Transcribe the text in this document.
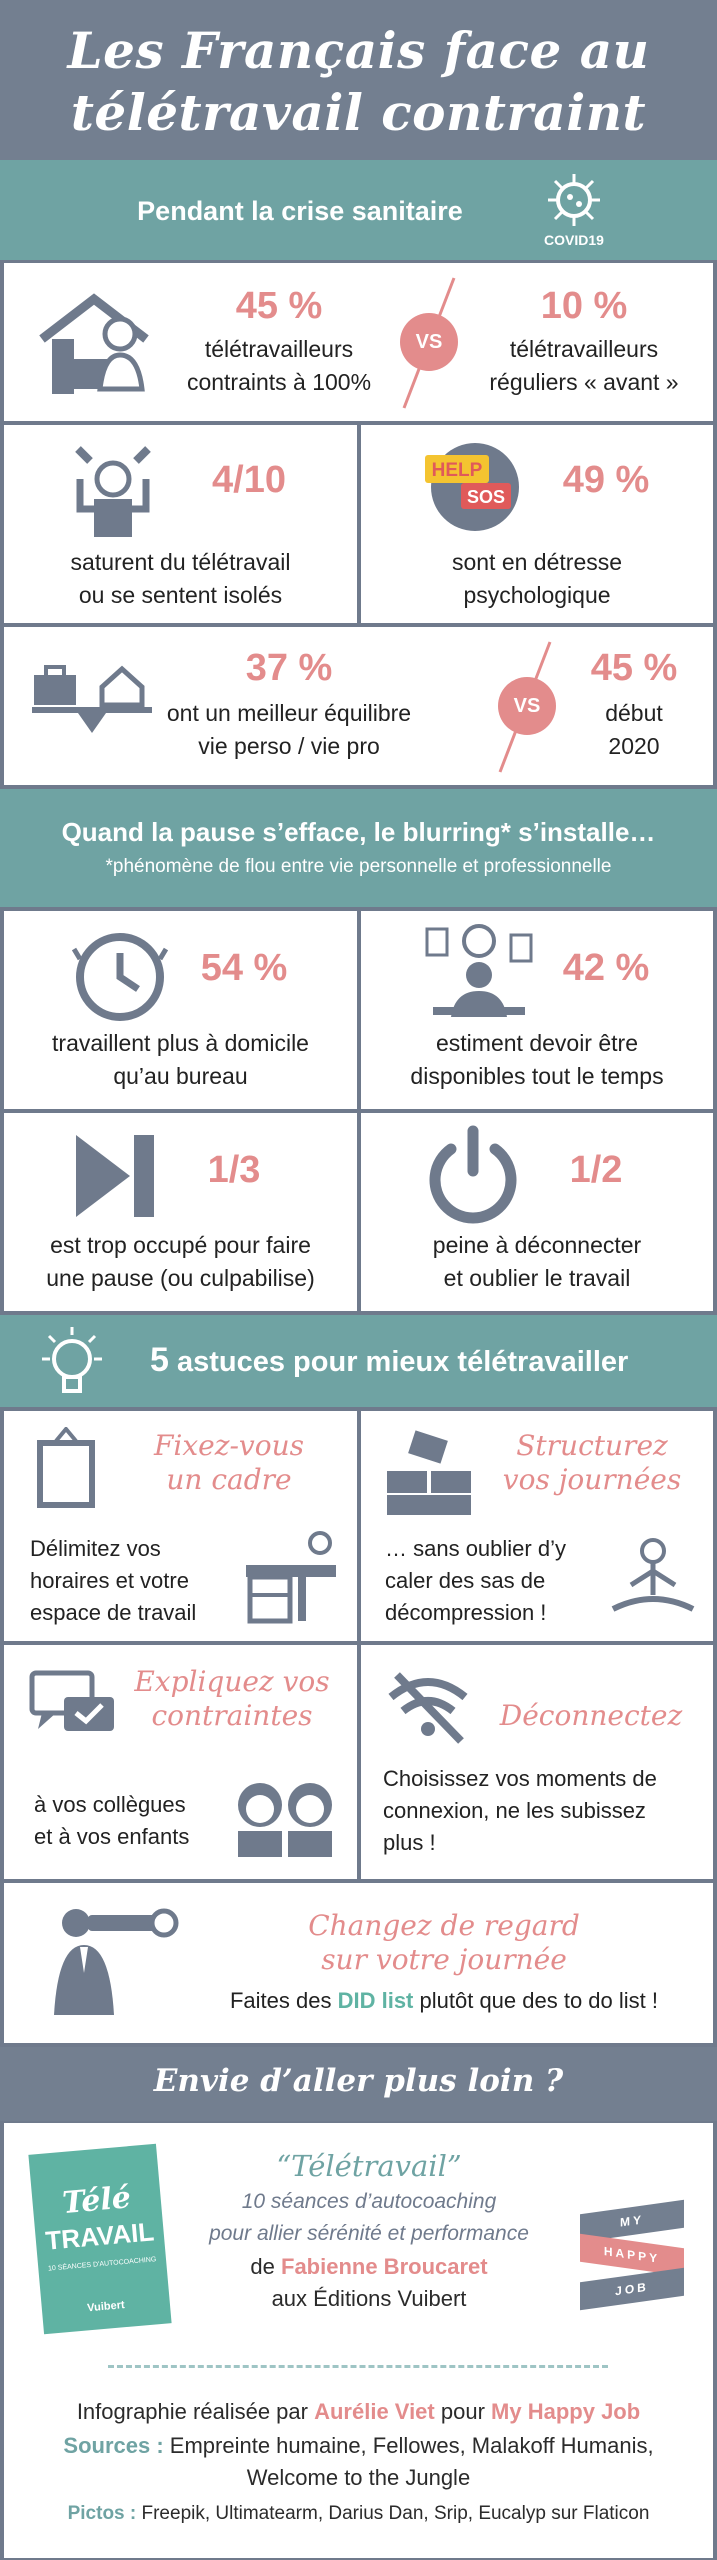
Les Français face au
télétravail contraint
Pendant la crise sanitaire
COVID19
45 %
télétravailleurs
contraints à 100%
VS
10 %
télétravailleurs
réguliers « avant »
4/10
saturent du télétravail
ou se sentent isolés
HELP
SOS	49 %
sont en détresse
psychologique
37 %
ont un meilleur équilibre
vie perso / vie pro
VS
45 %
début
2020
Quand la pause s’efface, le blurring* s’installe…
*phénomène de flou entre vie personnelle et professionnelle
54 %
travaillent plus à domicile
qu’au bureau
42 %
estiment devoir être
disponibles tout le temps
1/3
est trop occupé pour faire
une pause (ou culpabilise)
1/2
peine à déconnecter
et oublier le travail
5 astuces pour mieux télétravailler
Fixez-vous
un cadre
Délimitez vos
horaires et votre
espace de travail
Structurez
vos journées
… sans oublier d’y
caler des sas de
décompression !
Expliquez vos
contraintes
à vos collègues
et à vos enfants
Déconnectez
Choisissez vos moments de
connexion, ne les subissez
plus !
Changez de regard
sur votre journée
Faites des DID list plutôt que des to do list !
Envie d’aller plus loin ?
Télé
TRAVAIL
10 SÉANCES D'AUTOCOACHING
Vuibert
“Télétravail”
10 séances d’autocoaching
pour allier sérénité et performance
de Fabienne Broucaret
aux Éditions Vuibert
MY
HAPPY
JOB
Infographie réalisée par Aurélie Viet pour My Happy Job
Sources : Empreinte humaine, Fellowes, Malakoff Humanis,
Welcome to the Jungle
Pictos : Freepik, Ultimatearm, Darius Dan, Srip, Eucalyp sur Flaticon
